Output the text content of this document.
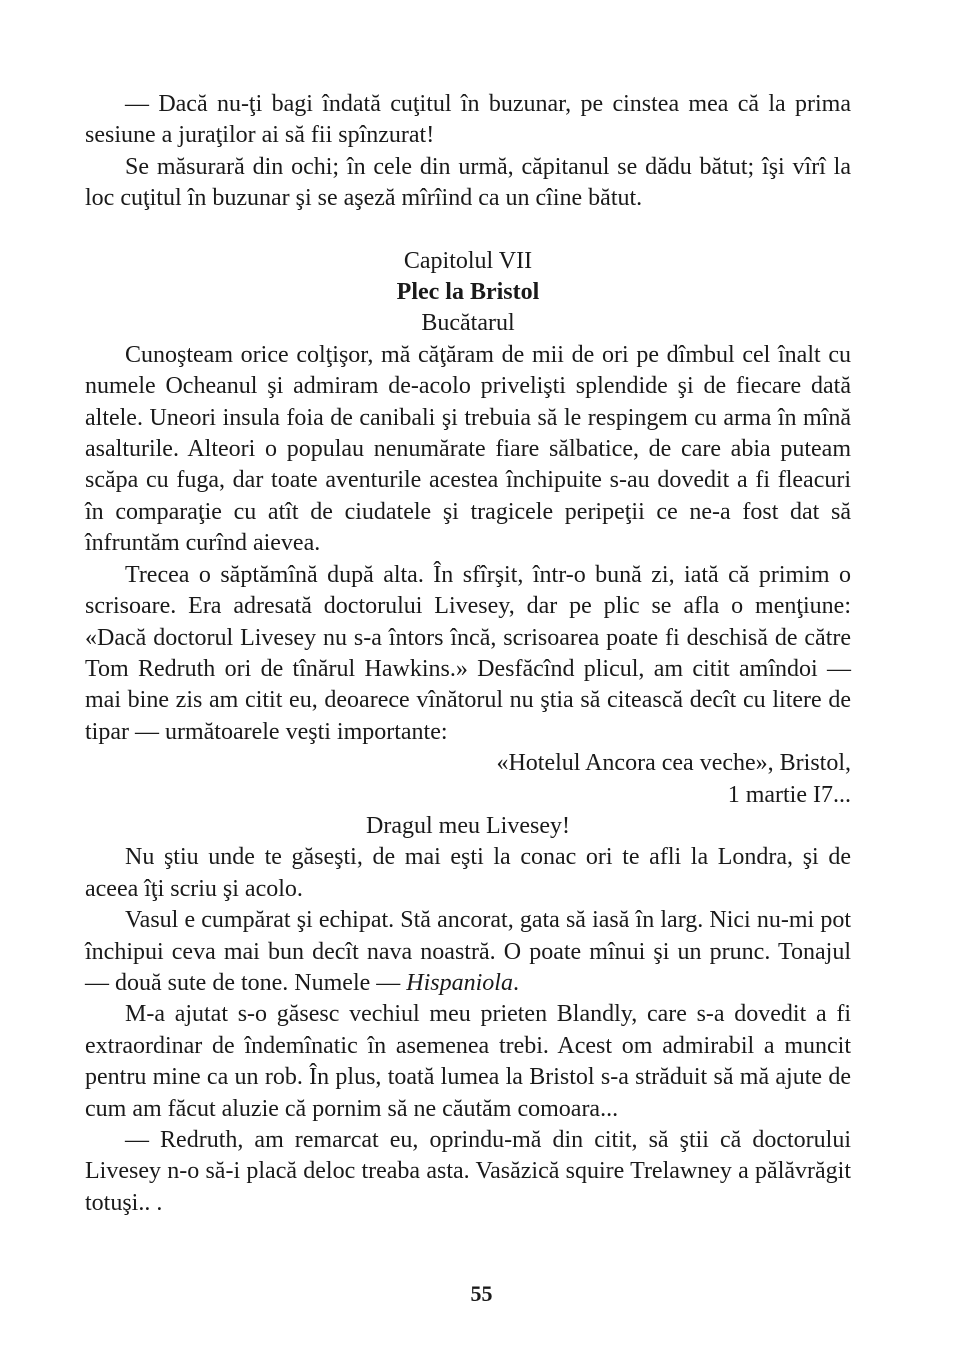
— Dacă nu-ţi bagi îndată cuţitul în buzunar, pe cinstea mea că la prima sesiune a juraţilor ai să fii spînzurat!

Se măsurară din ochi; în cele din urmă, căpitanul se dădu bătut; îşi vîrî la loc cuţitul în buzunar şi se aşeză mîrîind ca un cîine bătut.

Capitolul VII

Plec la Bristol

Bucătarul

Cunoşteam orice colţişor, mă căţăram de mii de ori pe dîmbul cel înalt cu numele Ocheanul şi admiram de-acolo privelişti splendide şi de fiecare dată altele. Uneori insula foia de canibali şi trebuia să le respingem cu arma în mînă asalturile. Alteori o populau nenumărate fiare sălbatice, de care abia puteam scăpa cu fuga, dar toate aventurile acestea închipuite s-au dovedit a fi fleacuri în comparaţie cu atît de ciudatele şi tragicele peripeţii ce ne-a fost dat să înfruntăm curînd aievea.

Trecea o săptămînă după alta. În sfîrşit, într-o bună zi, iată că primim o scrisoare. Era adresată doctorului Livesey, dar pe plic se afla o menţiune: «Dacă doctorul Livesey nu s-a întors încă, scrisoarea poate fi deschisă de către Tom Redruth ori de tînărul Hawkins.» Desfăcînd plicul, am citit amîndoi — mai bine zis am citit eu, deoarece vînătorul nu ştia să citească decît cu litere de tipar — următoarele veşti importante:

«Hotelul Ancora cea veche», Bristol,

1 martie I7...

Dragul meu Livesey!

Nu ştiu unde te găseşti, de mai eşti la conac ori te afli la Londra, şi de aceea îţi scriu şi acolo.

Vasul e cumpărat şi echipat. Stă ancorat, gata să iasă în larg. Nici nu-mi pot închipui ceva mai bun decît nava noastră. O poate mînui şi un prunc. Tonajul — două sute de tone. Numele — Hispaniola.

M-a ajutat s-o găsesc vechiul meu prieten Blandly, care s-a dovedit a fi extraordinar de îndemînatic în asemenea trebi. Acest om admirabil a muncit pentru mine ca un rob. În plus, toată lumea la Bristol s-a străduit să mă ajute de cum am făcut aluzie că pornim să ne căutăm comoara...

— Redruth, am remarcat eu, oprindu-mă din citit, să ştii că doctorului Livesey n-o să-i placă deloc treaba asta. Vasăzică squire Trelawney a pălăvrăgit totuşi.. .

55
